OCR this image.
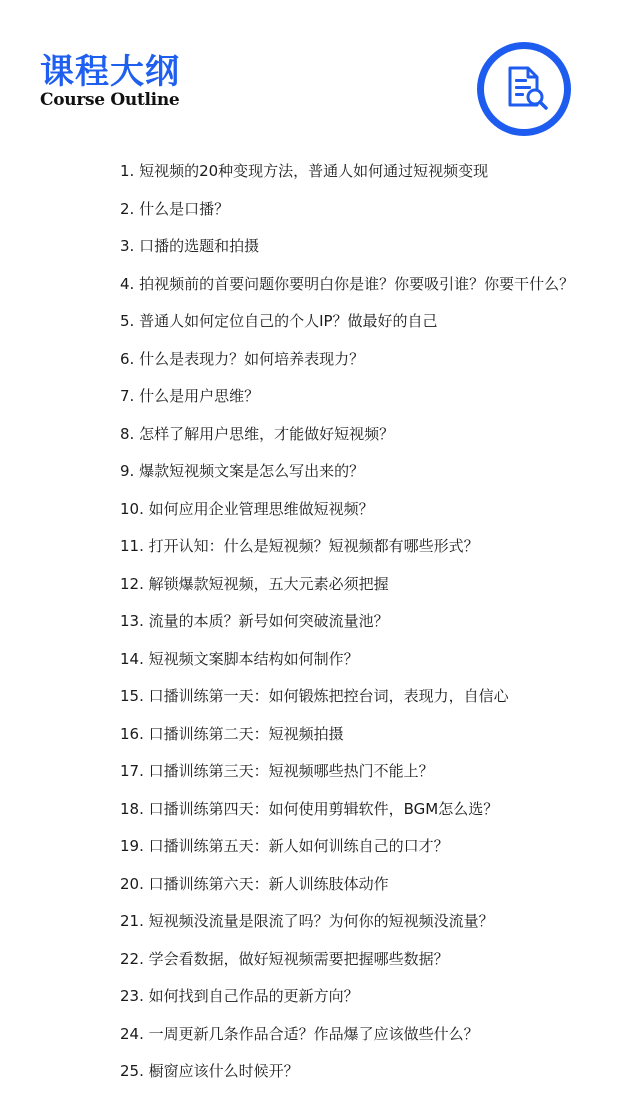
课程大纲
Course Outline
1. 短视频的20种变现方法，普通人如何通过短视频变现
2. 什么是口播？
3. 口播的选题和拍摄
4. 拍视频前的首要问题你要明白你是谁？你要吸引谁？你要干什么？
5. 普通人如何定位自己的个人IP？做最好的自己
6. 什么是表现力？如何培养表现力？
7. 什么是用户思维？
8. 怎样了解用户思维，才能做好短视频？
9. 爆款短视频文案是怎么写出来的？
10. 如何应用企业管理思维做短视频？
11. 打开认知：什么是短视频？短视频都有哪些形式？
12. 解锁爆款短视频，五大元素必须把握
13. 流量的本质？新号如何突破流量池？
14. 短视频文案脚本结构如何制作？
15. 口播训练第一天：如何锻炼把控台词，表现力，自信心
16. 口播训练第二天：短视频拍摄
17. 口播训练第三天：短视频哪些热门不能上？
18. 口播训练第四天：如何使用剪辑软件，BGM怎么选？
19. 口播训练第五天：新人如何训练自己的口才？
20. 口播训练第六天：新人训练肢体动作
21. 短视频没流量是限流了吗？为何你的短视频没流量？
22. 学会看数据，做好短视频需要把握哪些数据？
23. 如何找到自己作品的更新方向？
24. 一周更新几条作品合适？作品爆了应该做些什么？
25. 橱窗应该什么时候开？
